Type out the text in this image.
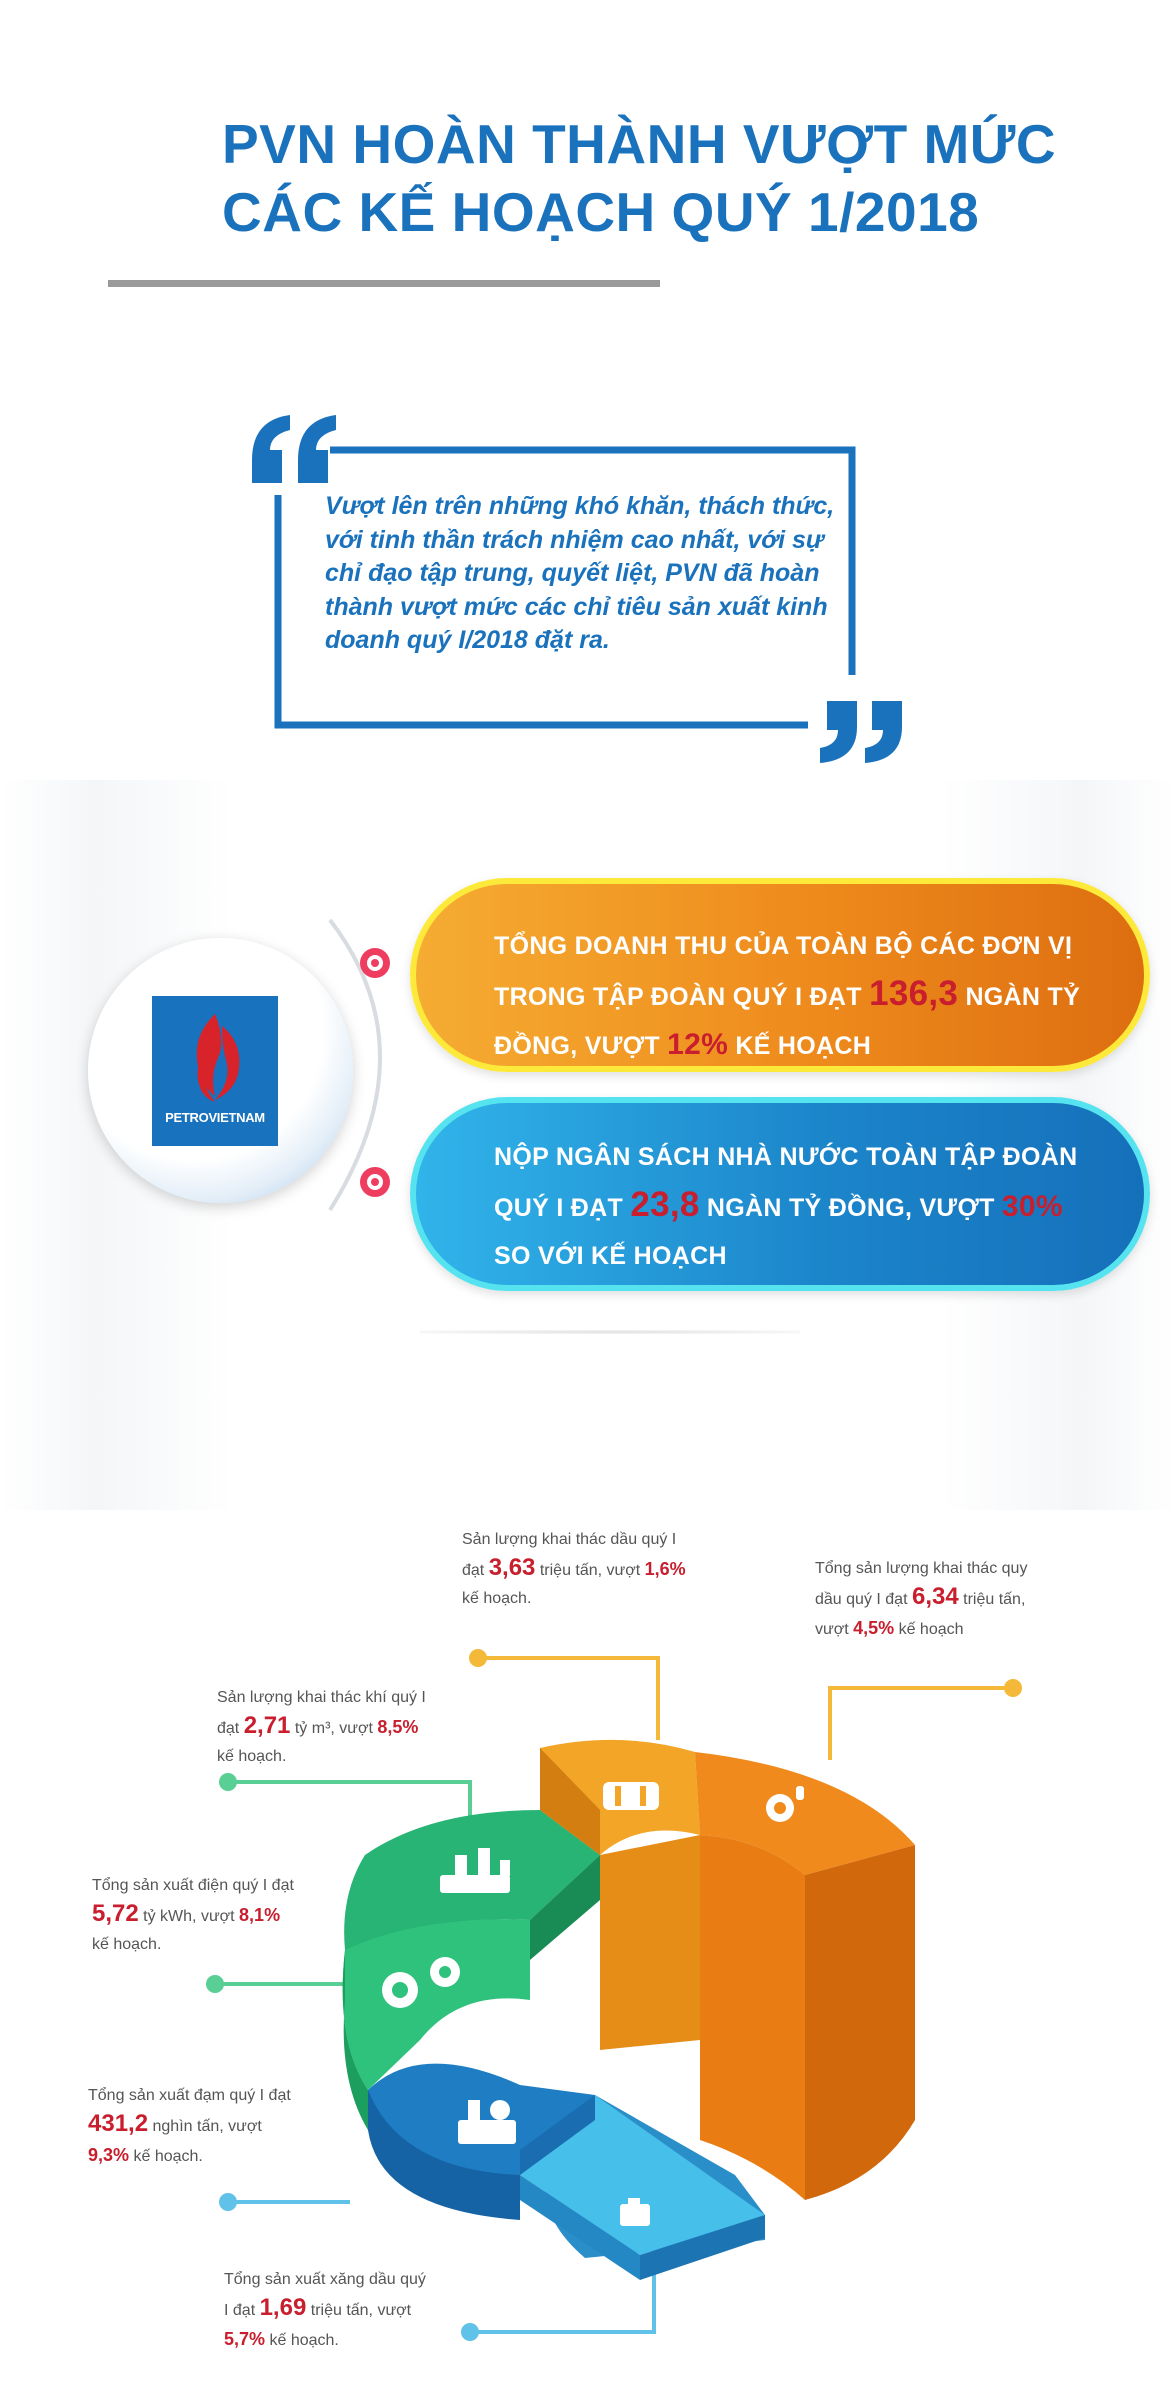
PVN HOÀN THÀNH VƯỢT MỨC
CÁC KẾ HOẠCH QUÝ 1/2018
Vượt lên trên những khó khăn, thách thức, với tinh thần trách nhiệm cao nhất, với sự chỉ đạo tập trung, quyết liệt, PVN đã hoàn thành vượt mức các chỉ tiêu sản xuất kinh doanh quý I/2018 đặt ra.
PETROVIETNAM
TỔNG DOANH THU CỦA TOÀN BỘ CÁC ĐƠN VỊ TRONG TẬP ĐOÀN QUÝ I ĐẠT 136,3 NGÀN TỶ ĐỒNG, VƯỢT 12% KẾ HOẠCH
NỘP NGÂN SÁCH NHÀ NƯỚC TOÀN TẬP ĐOÀN QUÝ I ĐẠT 23,8 NGÀN TỶ ĐỒNG, VƯỢT 30% SO VỚI KẾ HOẠCH
Sản lượng khai thác dầu quý I
đạt 3,63 triệu tấn, vượt 1,6%
kế hoạch.
Tổng sản lượng khai thác quy
dầu quý I đạt 6,34 triệu tấn,
vượt 4,5% kế hoạch
Sản lượng khai thác khí quý I
đạt 2,71 tỷ m³, vượt 8,5%
kế hoạch.
Tổng sản xuất điện quý I đạt
5,72 tỷ kWh, vượt 8,1%
kế hoạch.
Tổng sản xuất đạm quý I đạt
431,2 nghìn tấn, vượt
9,3% kế hoạch.
Tổng sản xuất xăng dầu quý
I đạt 1,69 triệu tấn, vượt
5,7% kế hoạch.
